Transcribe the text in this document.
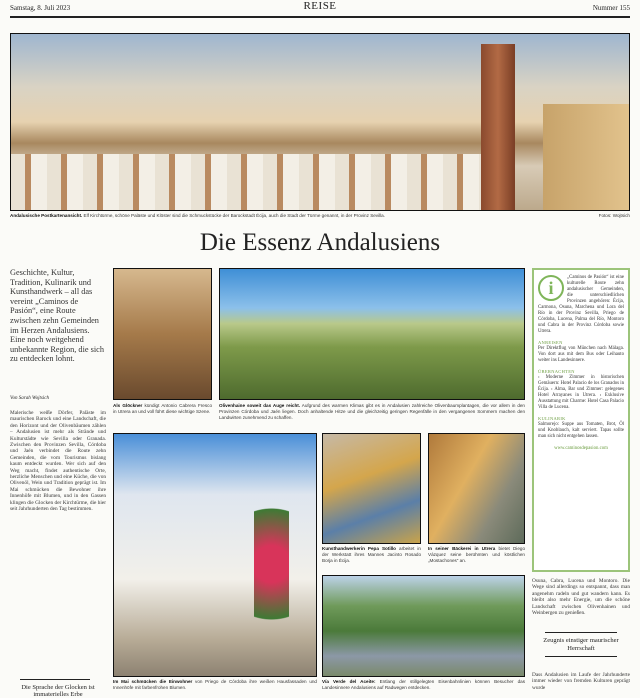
Samstag, 8. Juli 2023	REISE	Nummer 155
Andalusische Postkartenansicht. Elf Kirchtürme, schöne Paläste und Klöster sind die Schmuckstücke der Barockstadt Écija, auch die Stadt der Türme genannt, in der Provinz Sevilla.	Fotos: Wojtsich
Die Essenz Andalusiens
Geschichte, Kultur, Tradition, Kulinarik und Kunsthandwerk – all das vereint „Caminos de Pasión“, eine Route zwischen zehn Gemeinden im Herzen Andalusiens. Eine noch weitgehend unbekannte Region, die sich zu entdecken lohnt.
Von Sarah Wojtsich
Malerische weiße Dörfer, Paläste im maurischen Barock und eine Landschaft, die den Horizont und der Olivenbäumen zählen – Andalusien ist mehr als Strände und Kulturstädte wie Sevilla oder Granada. Zwischen den Provinzen Sevilla, Córdoba und Jaén verbindet die Route zehn Gemeinden, die vom Tourismus bislang kaum entdeckt wurden. Wer sich auf den Weg macht, findet authentische Orte, herzliche Menschen und eine Küche, die von Olivenöl, Wein und Tradition geprägt ist. Im Mai schmücken die Bewohner ihre Innenhöfe mit Blumen, und in den Gassen klingen die Glocken der Kirchtürme, die hier seit Jahrhunderten den Tag bestimmen.
Die Sprache der Glocken ist immaterielles Erbe
Als Glöckner kündigt Antonio Cabrera Fresco in Utrera an und voll führt diese wichtige Szene.
Olivenhaine soweit das Auge reicht. Aufgrund des warmen Klimas gibt es in Andalusien zahlreiche Olivenbaumplantagen, die vor allem in den Provinzen Córdoba und Jaén liegen. Doch anhaltende Hitze und die gleichzeitig geringen Regenfälle in den vergangenen Sommern machen den Landwirten zunehmend zu schaffen.
Im Mai schmücken die Einwohner von Priego de Córdoba ihre weißen Hausfassaden und Innenhöfe mit farbenfrohen Blumen.
Kunsthandwerkerin Pepa Sotillo arbeitet in der Werkstatt ihres Mannes Jacinto Rosado Borja in Écija.
In seiner Bäckerei in Utrera bietet Diego Vázquez seine berühmten und köstlichen „Mostachones“ an.
Vía Verde del Aceite: Entlang der stillgelegten Eisenbahnlinien können Besucher das Landesinnere Andalusiens auf Radwegen entdecken.
i
„Caminos de Pasión“ ist eine kulturelle Route zehn andalusischer Gemeinden, die unterschiedlichen Provinzen angehören: Écija, Carmona, Osuna, Marchena und Lora del Río in der Provinz Sevilla, Priego de Córdoba, Lucena, Palma del Río, Montoro und Cabra in der Provinz Córdoba sowie Utrera.
ANREISEN
Per Direktflug von München nach Málaga. Von dort aus mit dem Bus oder Leihauto weiter ins Landesinnere.
ÜBERNACHTEN
› Moderne Zimmer in historischen Gemäuern: Hotel Palacio de los Granados in Écija. › Alma, Bar und Zimmer: gelegenes Hotel Arrayanes in Utrera. › Exklusive Ausstattung mit Charme: Hotel Casa Palacio Villa de Lucena.
KULINARIK
Salmorejo: Suppe aus Tomaten, Brot, Öl und Knoblauch, kalt serviert. Tapas sollte man sich nicht entgehen lassen.
www.caminosdepasion.com
Osuna, Cabra, Lucena und Montoro. Die Wege sind allerdings so entspannt, dass man angenehm radeln und gut wandern kann. Es bleibt also mehr Energie, um die schöne Landschaft zwischen Olivenhainen und Weinbergen zu genießen.
Zeugnis einstiger maurischer Herrschaft
Dass Andalusien im Laufe der Jahrhunderte immer wieder von fremden Kulturen geprägt wurde
